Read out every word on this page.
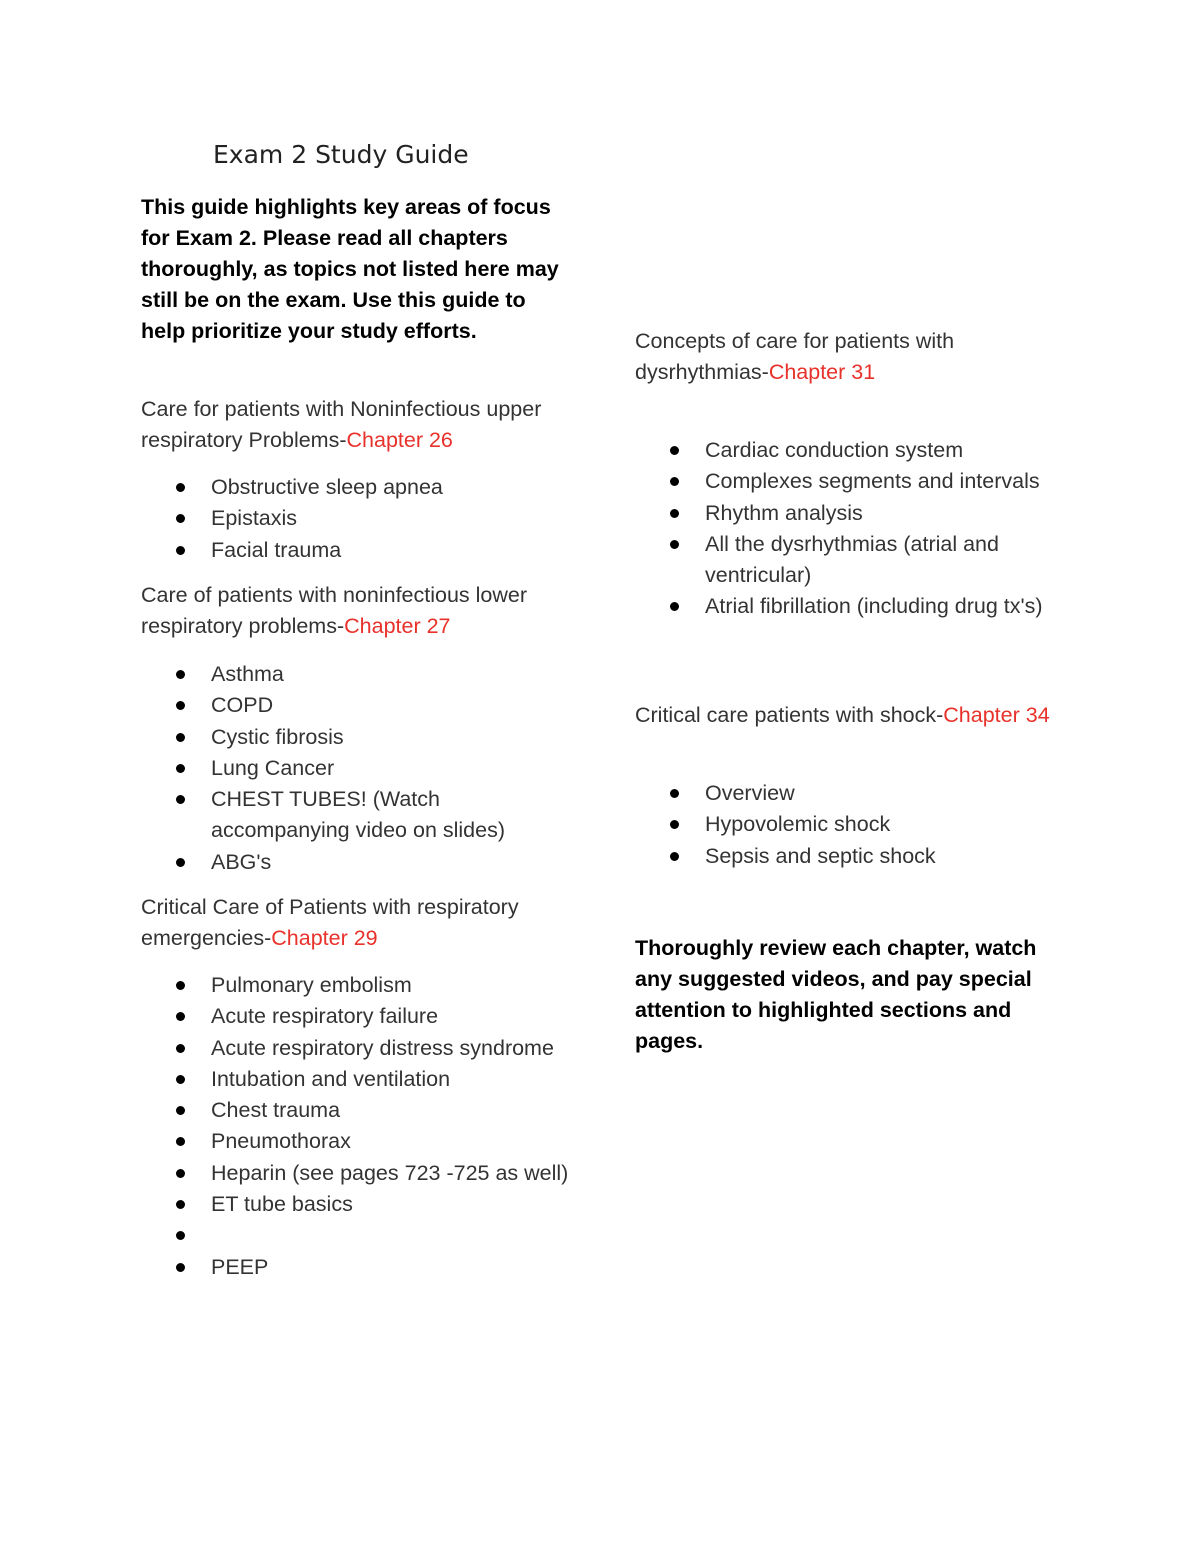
Exam 2 Study Guide
This guide highlights key areas of focus for Exam 2. Please read all chapters thoroughly, as topics not listed here may still be on the exam. Use this guide to help prioritize your study efforts.
Care for patients with Noninfectious upper respiratory Problems-Chapter 26
Obstructive sleep apnea
Epistaxis
Facial trauma
Care of patients with noninfectious lower respiratory problems-Chapter 27
Asthma
COPD
Cystic fibrosis
Lung Cancer
CHEST TUBES! (Watch accompanying video on slides)
ABG's
Critical Care of Patients with respiratory emergencies-Chapter 29
Pulmonary embolism
Acute respiratory failure
Acute respiratory distress syndrome
Intubation and ventilation
Chest trauma
Pneumothorax
Heparin (see pages 723 -725 as well)
ET tube basics
PEEP
Concepts of care for patients with dysrhythmias-Chapter 31
Cardiac conduction system
Complexes segments and intervals
Rhythm analysis
All the dysrhythmias (atrial and ventricular)
Atrial fibrillation (including drug tx's)
Critical care patients with shock-Chapter 34
Overview
Hypovolemic shock
Sepsis and septic shock
Thoroughly review each chapter, watch any suggested videos, and pay special attention to highlighted sections and pages.
